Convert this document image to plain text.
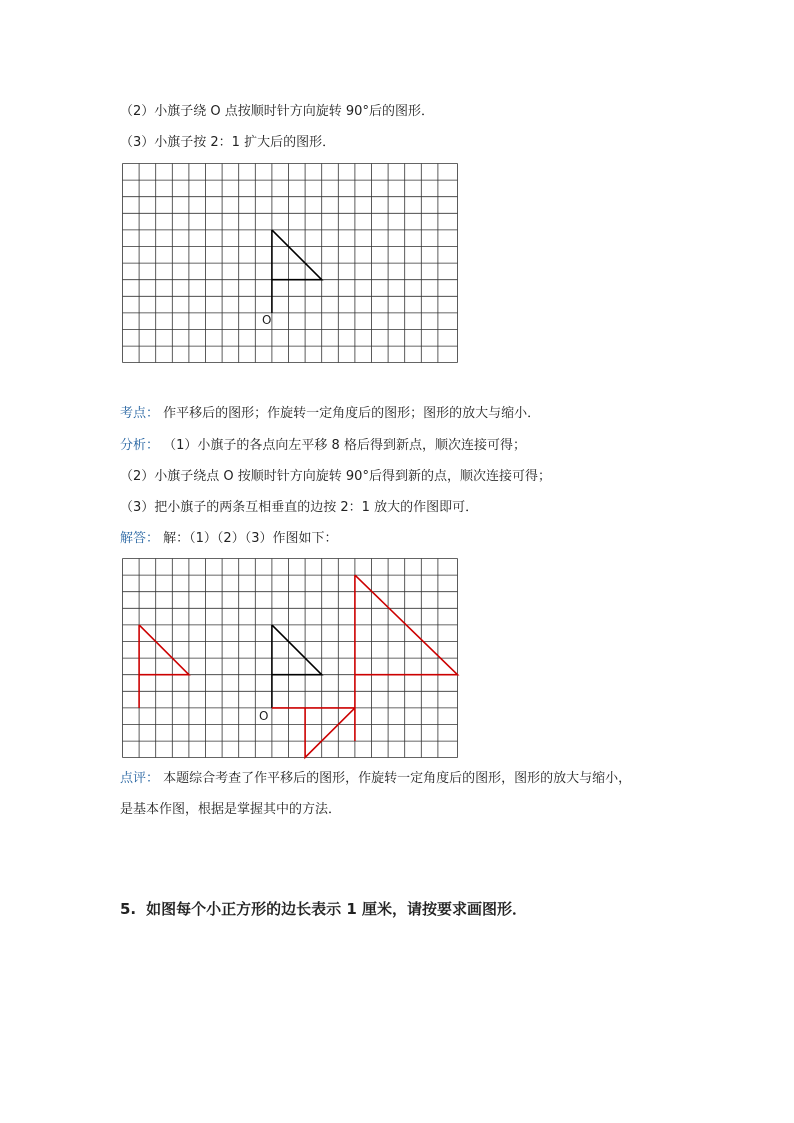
（2）小旗子绕 O 点按顺时针方向旋转 90°后的图形．
（3）小旗子按 2：1 扩大后的图形．
O
考点： 作平移后的图形；作旋转一定角度后的图形；图形的放大与缩小．
分析： （1）小旗子的各点向左平移 8 格后得到新点，顺次连接可得；
（2）小旗子绕点 O 按顺时针方向旋转 90°后得到新的点，顺次连接可得；
（3）把小旗子的两条互相垂直的边按 2：1 放大的作图即可．
解答： 解：（1）（2）（3）作图如下：
O
点评： 本题综合考查了作平移后的图形，作旋转一定角度后的图形，图形的放大与缩小，
是基本作图，根据是掌握其中的方法．
5. 如图每个小正方形的边长表示 1 厘米，请按要求画图形．
